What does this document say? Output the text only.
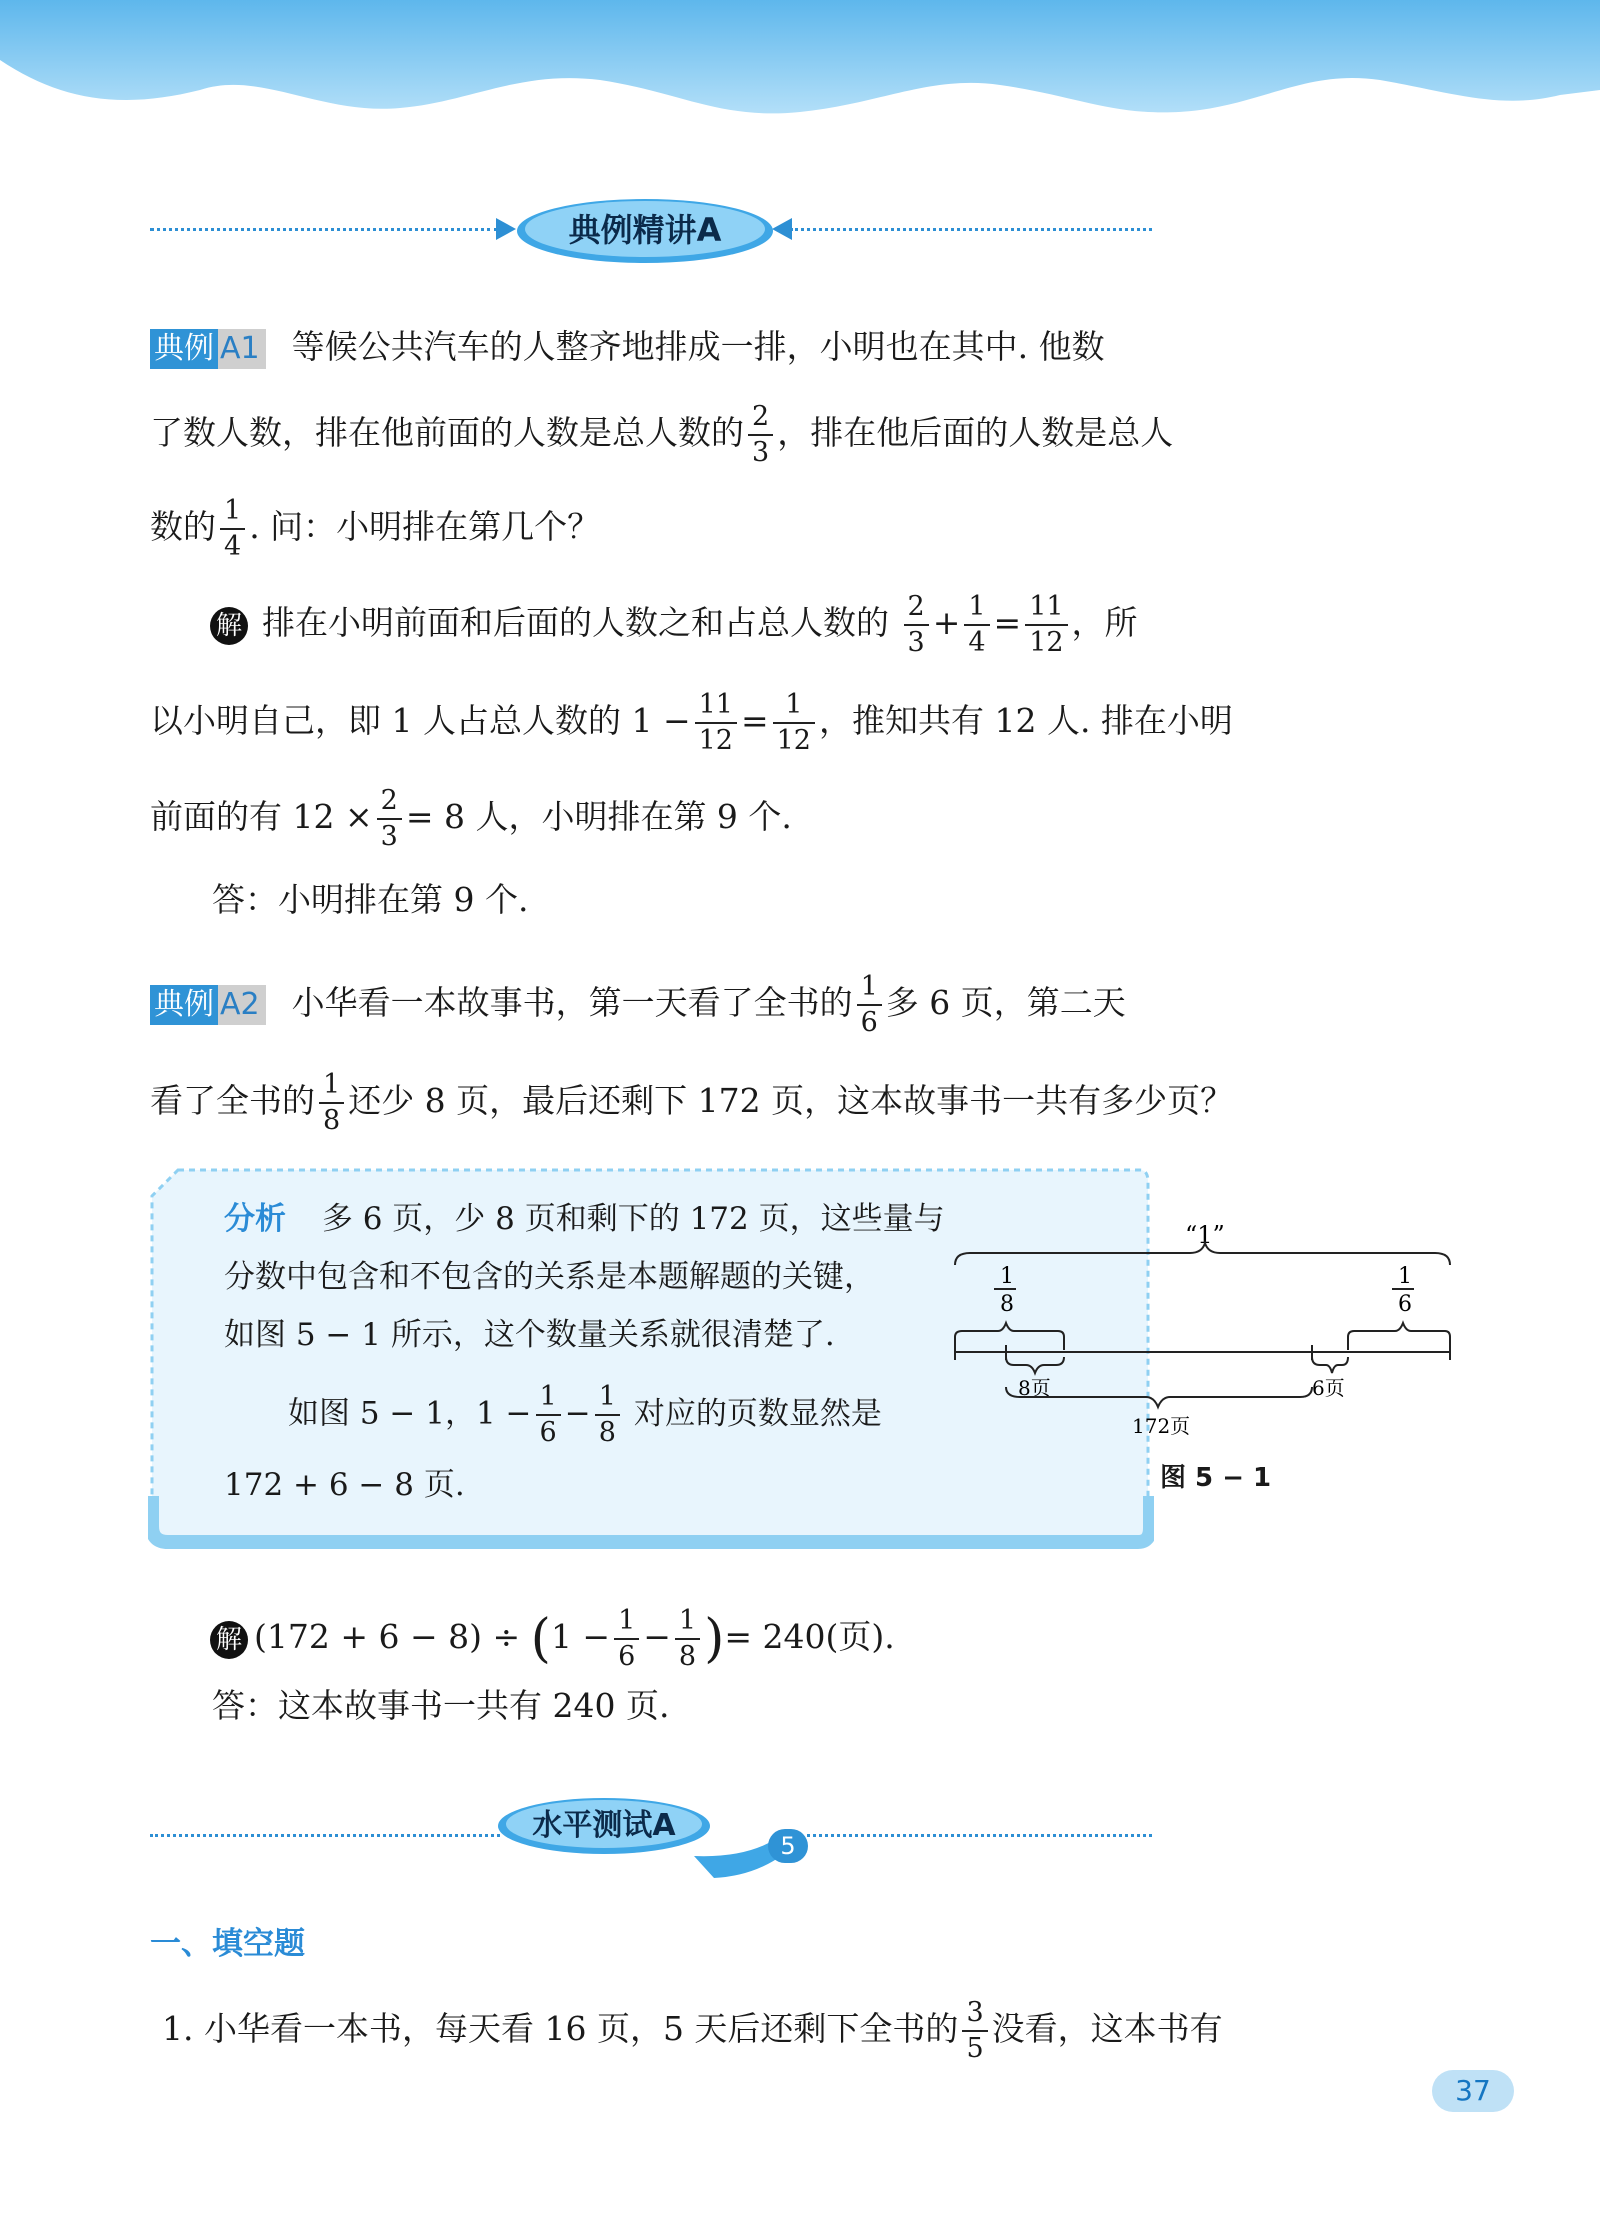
典例精讲A
典例 A1 等候公共汽车的人整齐地排成一排，小明也在其中. 他数
了数人数，排在他前面的人数是总人数的 $\frac{2}{3}$ ，排在他后面的人数是总人
数的 $\frac{1}{4}$ . 问：小明排在第几个？
解 排在小明前面和后面的人数之和占总人数的 $\frac{2}{3} + \frac{1}{4} = \frac{11}{12}$ ，所
以小明自己，即 1 人占总人数的 $1 - \frac{11}{12} = \frac{1}{12}$ ，推知共有 12 人. 排在小明
前面的有 $12 \times \frac{2}{3} = 8$ 人，小明排在第 9 个.
答：小明排在第 9 个.
典例 A2 小华看一本故事书，第一天看了全书的 $\frac{1}{6}$ 多 6 页，第二天
看了全书的 $\frac{1}{8}$ 还少 8 页，最后还剩下 172 页，这本故事书一共有多少页？
分析 多 6 页，少 8 页和剩下的 172 页，这些量与
分数中包含和不包含的关系是本题解题的关键，
如图 5 − 1 所示，这个数量关系就很清楚了.
如图 5 − 1，$1 - \frac{1}{6} - \frac{1}{8}$ 对应的页数显然是
172 + 6 − 8 页.
“1”
1
8
1
6
8页	6页
172页
图 5 − 1
解 $(172 + 6 - 8) \div (1 - \frac{1}{6} - \frac{1}{8}$ )= 240(页).
答：这本故事书一共有 240 页.
水平测试A
5
一、填空题
1. 小华看一本书，每天看 16 页，5 天后还剩下全书的 $\frac{3}{5}$ 没看，这本书有
37
